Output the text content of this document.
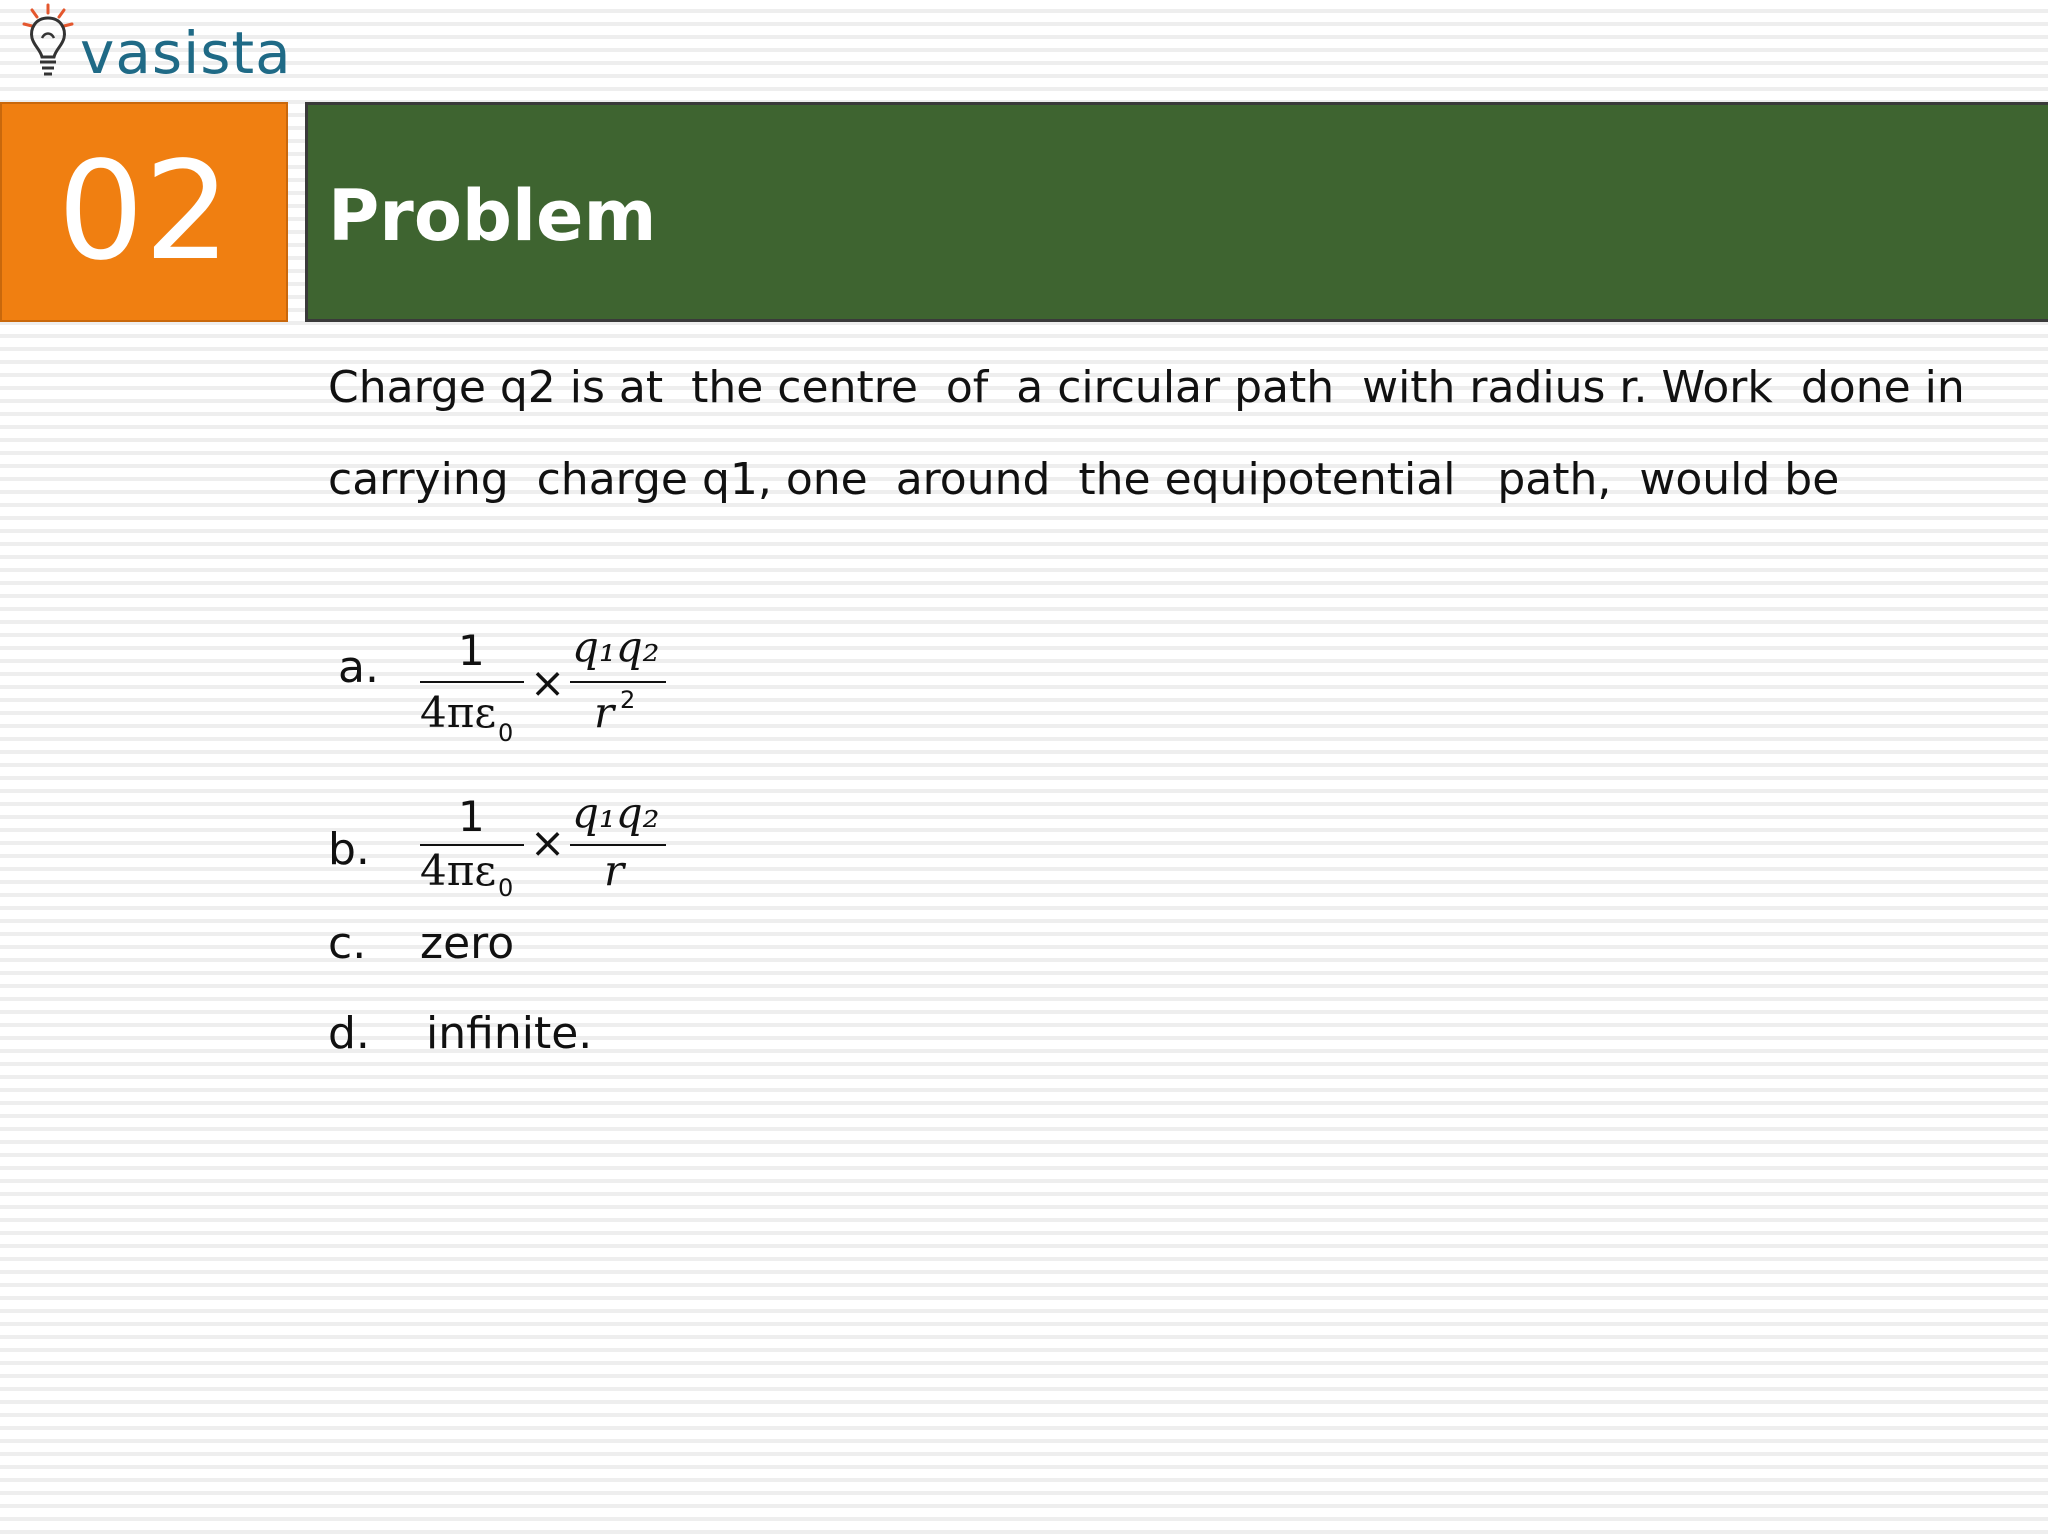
vasista
02 Problem
Charge q2 is at  the centre  of  a circular path  with radius r. Work  done in
carrying  charge q1, one  around  the equipotential   path,  would be
a. 1
4πε 0
×
q₁q₂
r 2
b.
1
4πε 0
×
q₁q₂
r
c. zero
d. infinite.
